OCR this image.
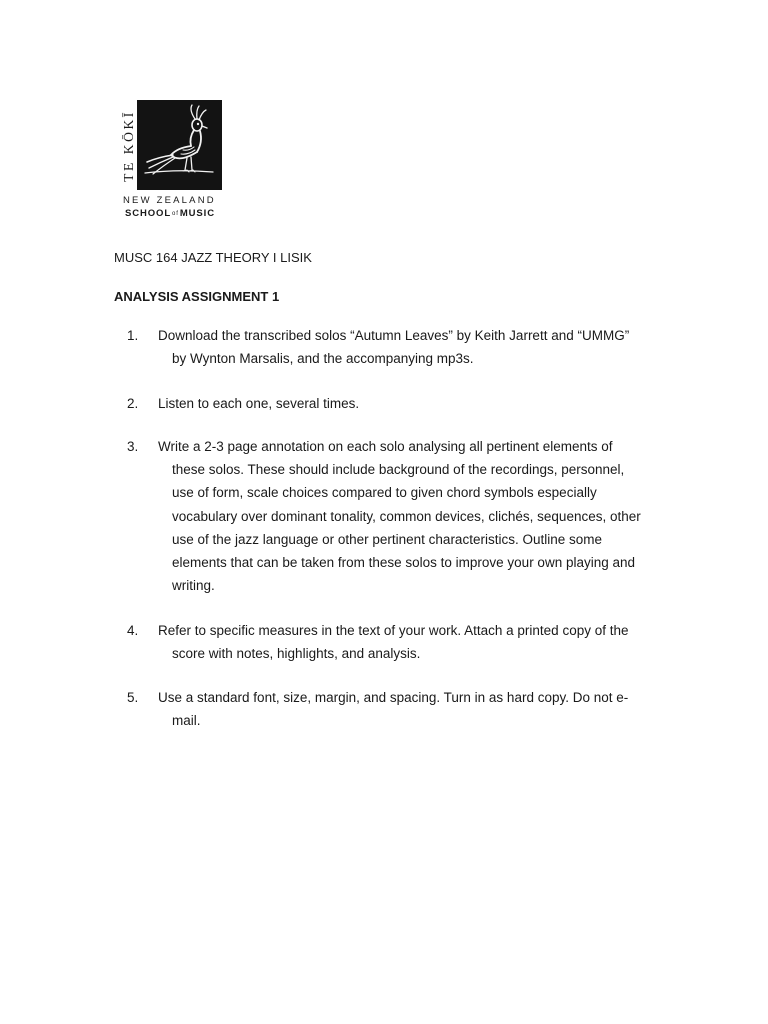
TE KŌKĪ
NEW ZEALAND
SCHOOLofMUSIC
MUSC 164 JAZZ THEORY I LISIK
ANALYSIS ASSIGNMENT 1
1. Download the transcribed solos “Autumn Leaves” by Keith Jarrett and “UMMG”
by Wynton Marsalis, and the accompanying mp3s.
2. Listen to each one, several times.
3. Write a 2-3 page annotation on each solo analysing all pertinent elements of
these solos. These should include background of the recordings, personnel,
use of form, scale choices compared to given chord symbols especially
vocabulary over dominant tonality, common devices, clichés, sequences, other
use of the jazz language or other pertinent characteristics. Outline some
elements that can be taken from these solos to improve your own playing and
writing.
4. Refer to specific measures in the text of your work. Attach a printed copy of the
score with notes, highlights, and analysis.
5. Use a standard font, size, margin, and spacing. Turn in as hard copy. Do not e-
mail.
